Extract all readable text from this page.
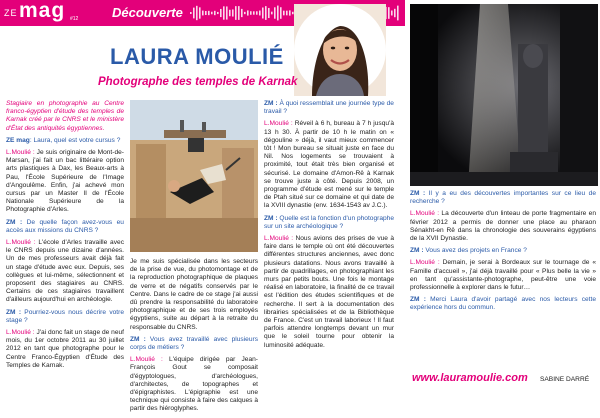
ZE mag #12	Découverte
LAURA MOULIÉ
Photographe des temples de Karnak

Stagiaire en photographie au Centre franco-égyptien d'étude des temples de Karnak créé par le CNRS et le ministère d'État des antiquités égyptiennes.

ZE mag: Laura, quel est votre cursus ?

L.Moulié : Je suis originaire de Mont-de-Marsan, j'ai fait un bac littéraire option arts plastiques à Dax, les Beaux-arts à Pau, l'École Supérieure de l'Image d'Angoulême. Enfin, j'ai achevé mon cursus par un Master II de l'École Nationale Supérieure de la Photographie d'Arles.

ZM : De quelle façon avez-vous eu accès aux missions du CNRS ?

L.Moulié : L'école d'Arles travaille avec le CNRS depuis une dizaine d'années. Un de mes professeurs avait déjà fait un stage d'étude avec eux. Depuis, ses collègues et lui-même, sélectionnent et proposent des stagiaires au CNRS. Certains de ces stagiaires travaillent d'ailleurs aujourd'hui en archéologie.

ZM : Pourriez-vous nous décrire votre stage ?

L.Moulié : J'ai donc fait un stage de neuf mois, du 1er octobre 2011 au 30 juillet 2012 en tant que photographe pour le Centre Franco-Égyptien d'Étude des Temples de Karnak.

Je me suis spécialisée dans les secteurs de la prise de vue, du photomontage et de la reproduction photographique de plaques de verre et de négatifs conservés par le Centre. Dans le cadre de ce stage j'ai aussi dû prendre la responsabilité du laboratoire photographique et de ses trois employés égyptiens, suite au départ à la retraite du responsable du CNRS.

ZM : Vous avez travaillé avec plusieurs corps de métiers ?

L.Moulié : L'équipe dirigée par Jean-François Gout se composait d'égyptologues, d'archéologues, d'architectes, de topographes et d'épigraphistes. L'épigraphie est une technique qui consiste à faire des calques à partir des hiéroglyphes.

ZM : À quoi ressemblait une journée type de travail ?

L.Moulié : Réveil à 6 h, bureau à 7 h jusqu'à 13 h 30. À partir de 10 h le matin on « dégouline » déjà, il vaut mieux commencer tôt ! Mon bureau se situait juste en face du Nil. Nos logements se trouvaient à proximité, tout était très bien organisé et sécurisé. Le domaine d'Amon-Rê à Karnak se trouve juste à côté. Depuis 2008, un programme d'étude est mené sur le temple de Ptah situé sur ce domaine et qui date de la XVIII dynastie (env. 1634-1543 av J.C.).

ZM : Quelle est la fonction d'un photographe sur un site archéologique ?

L.Moulié : Nous avions des prises de vue à faire dans le temple où ont été découvertes différentes structures anciennes, avec donc plusieurs datations. Nous avons travaillé à partir de quadrillages, en photographiant les murs par petits bouts. Une fois le montage réalisé en laboratoire, la finalité de ce travail est l'édition des études scientifiques et de recherche. Il sert à la documentation des librairies spécialisées et de la Bibliothèque de France. C'est un travail laborieux ! Il faut parfois attendre longtemps devant un mur que le soleil tourne pour obtenir la luminosité adéquate.

ZM : Il y a eu des découvertes importantes sur ce lieu de recherche ?

L.Moulié : La découverte d'un linteau de porte fragmentaire en février 2012 a permis de donner une place au pharaon Sénakht-en Rê dans la chronologie des souverains égyptiens de la XVII Dynastie.

ZM : Vous avez des projets en France ?

L.Moulié : Demain, je serai à Bordeaux sur le tournage de « Famille d'accueil », j'ai déjà travaillé pour « Plus belle la vie » en tant qu'assistante-photographe, peut-être une voie professionnelle à explorer dans le futur…

ZM : Merci Laura d'avoir partagé avec nos lecteurs cette expérience hors du commun.

www.lauramoulie.com SABINE DARRÉ
